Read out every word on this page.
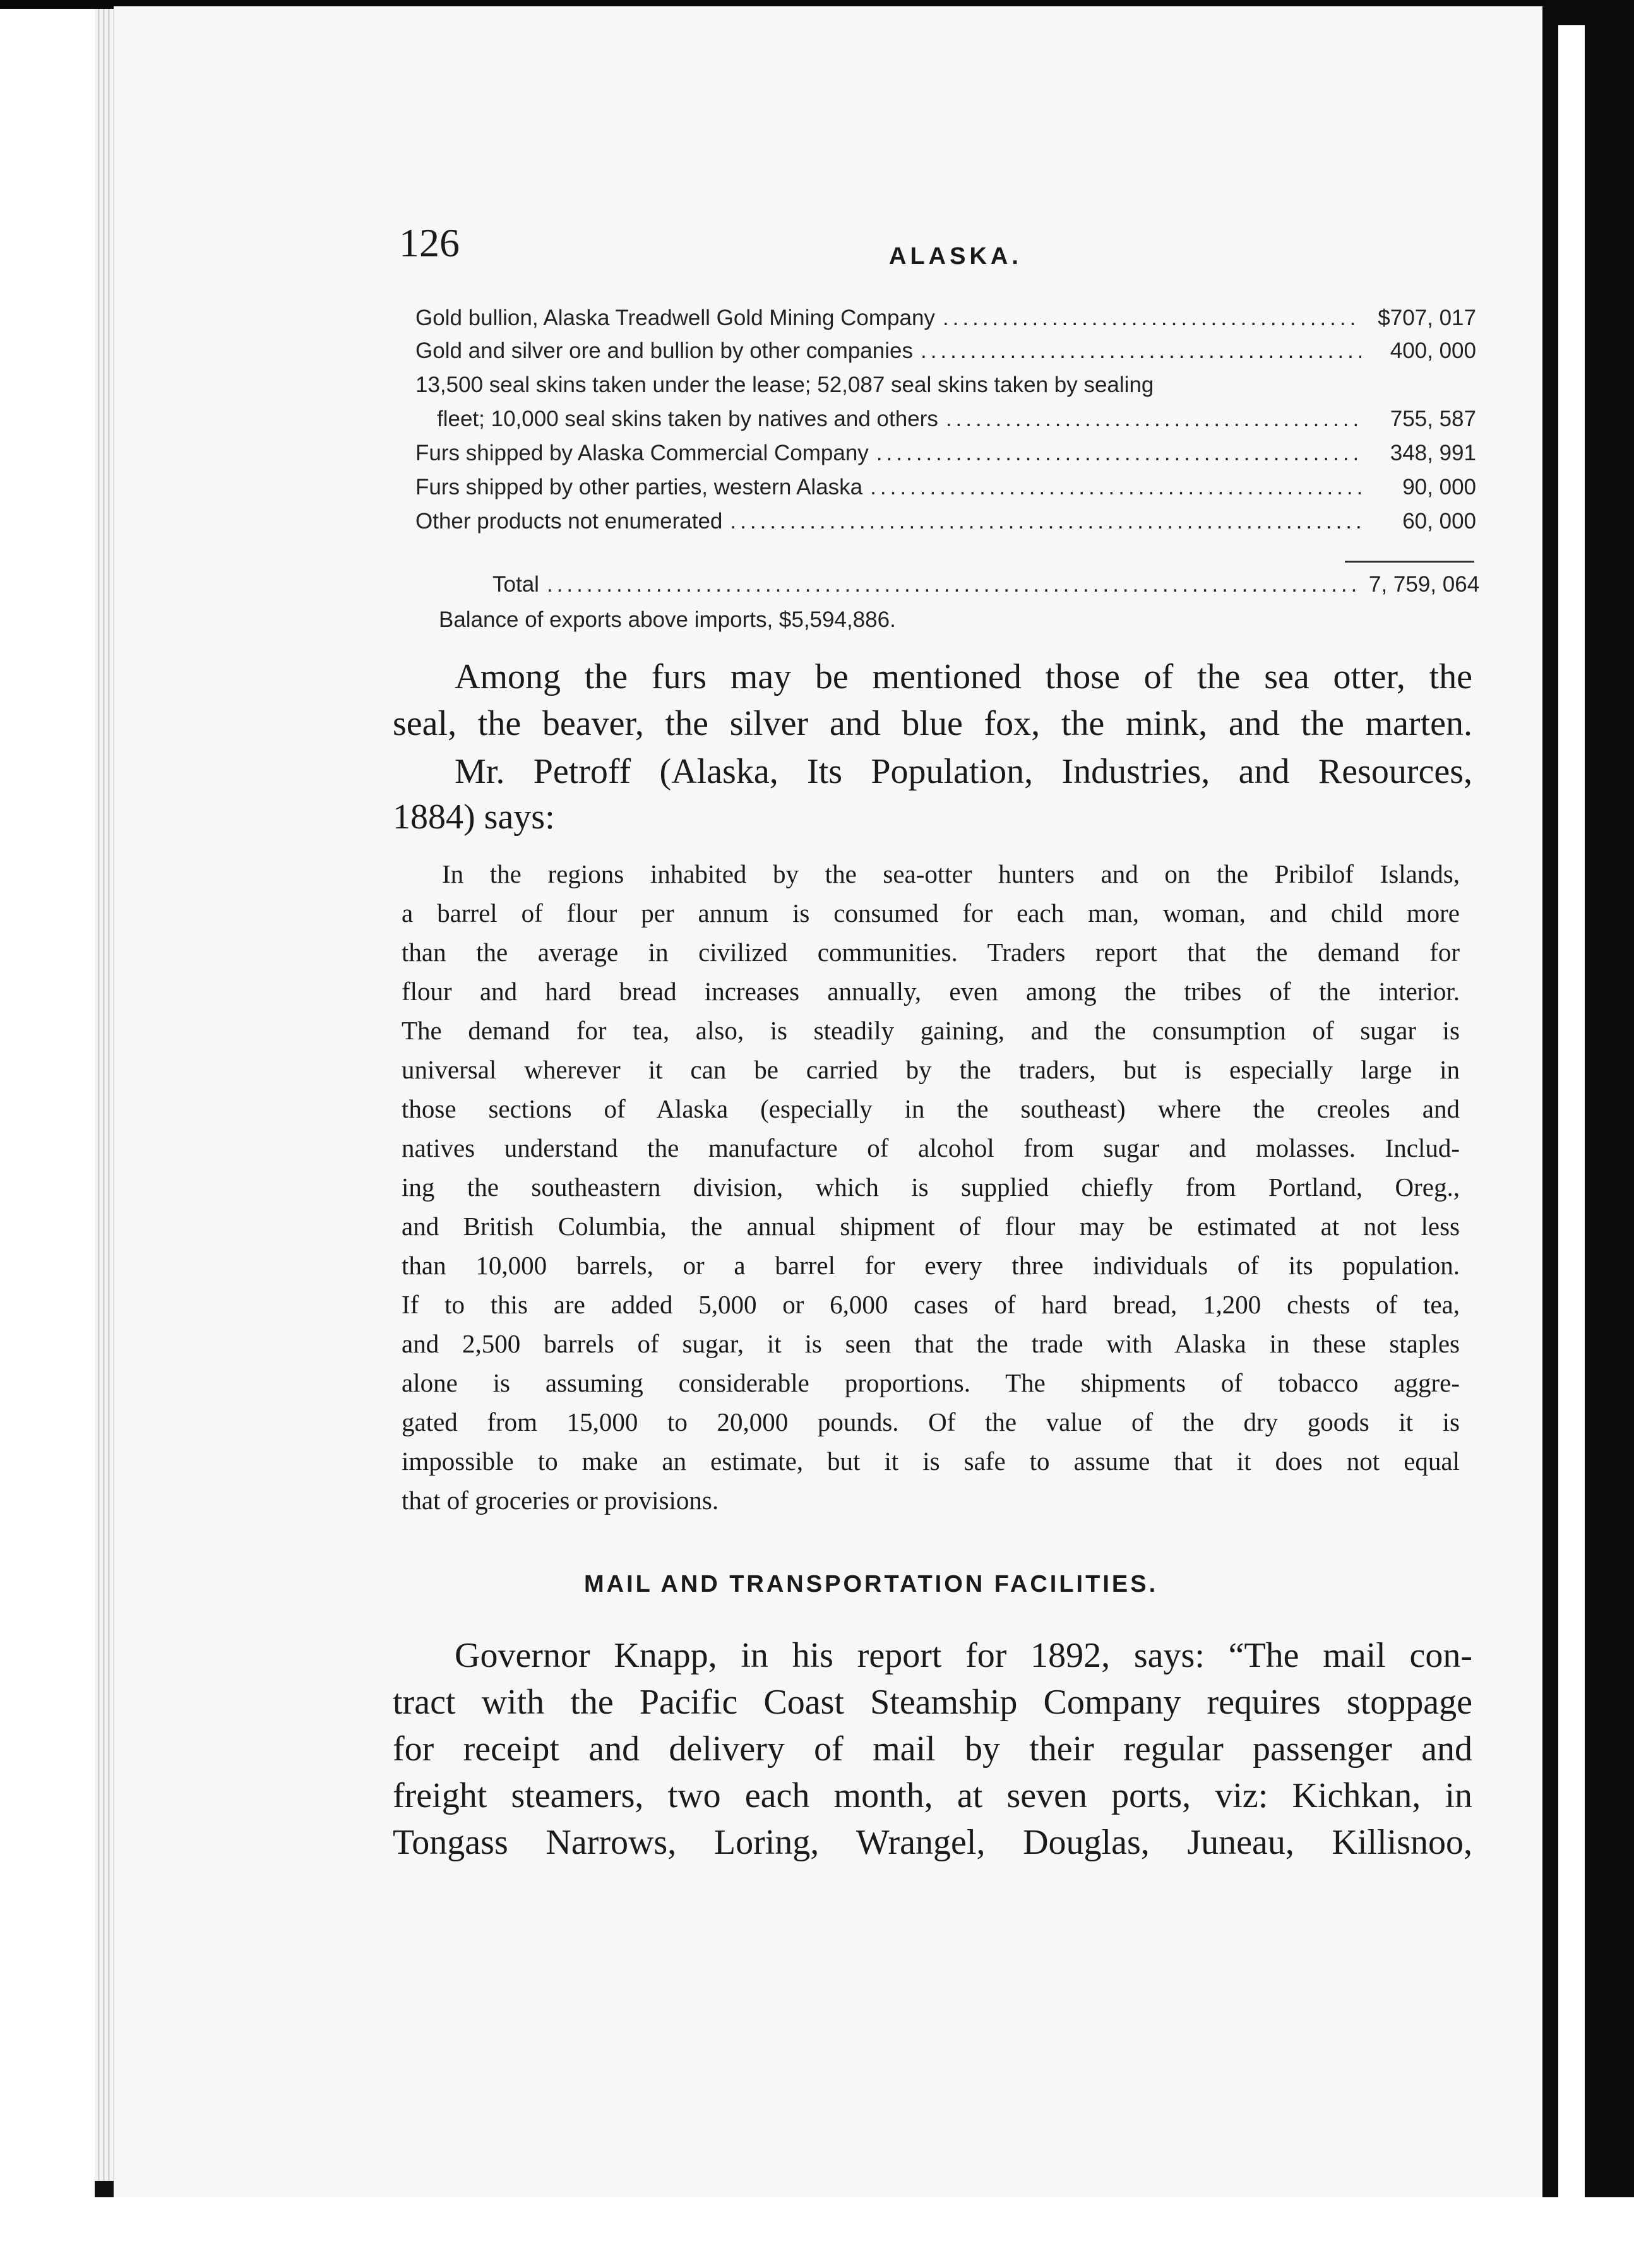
126	ALASKA.
Gold bullion, Alaska Treadwell Gold Mining Company .....	$707, 017
Gold and silver ore and bullion by other companies .....	400, 000
13,500 seal skins taken under the lease; 52,087 seal skins taken by sealing
fleet; 10,000 seal skins taken by natives and others .....	755, 587
Furs shipped by Alaska Commercial Company .....	348, 991
Furs shipped by other parties, western Alaska .....	90, 000
Other products not enumerated .....	60, 000
Total .....	7, 759, 064
Balance of exports above imports, $5,594,886.
Among the furs may be mentioned those of the sea otter, the
seal, the beaver, the silver and blue fox, the mink, and the marten.
Mr. Petroff (Alaska, Its Population, Industries, and Resources,
1884) says:
In the regions inhabited by the sea-otter hunters and on the Pribilof Islands,
a barrel of flour per annum is consumed for each man, woman, and child more
than the average in civilized communities. Traders report that the demand for
flour and hard bread increases annually, even among the tribes of the interior.
The demand for tea, also, is steadily gaining, and the consumption of sugar is
universal wherever it can be carried by the traders, but is especially large in
those sections of Alaska (especially in the southeast) where the creoles and
natives understand the manufacture of alcohol from sugar and molasses. Includ-
ing the southeastern division, which is supplied chiefly from Portland, Oreg.,
and British Columbia, the annual shipment of flour may be estimated at not less
than 10,000 barrels, or a barrel for every three individuals of its population.
If to this are added 5,000 or 6,000 cases of hard bread, 1,200 chests of tea,
and 2,500 barrels of sugar, it is seen that the trade with Alaska in these staples
alone is assuming considerable proportions. The shipments of tobacco aggre-
gated from 15,000 to 20,000 pounds. Of the value of the dry goods it is
impossible to make an estimate, but it is safe to assume that it does not equal
that of groceries or provisions.
MAIL AND TRANSPORTATION FACILITIES.
Governor Knapp, in his report for 1892, says: “The mail con-
tract with the Pacific Coast Steamship Company requires stoppage
for receipt and delivery of mail by their regular passenger and
freight steamers, two each month, at seven ports, viz: Kichkan, in
Tongass Narrows, Loring, Wrangel, Douglas, Juneau, Killisnoo,
